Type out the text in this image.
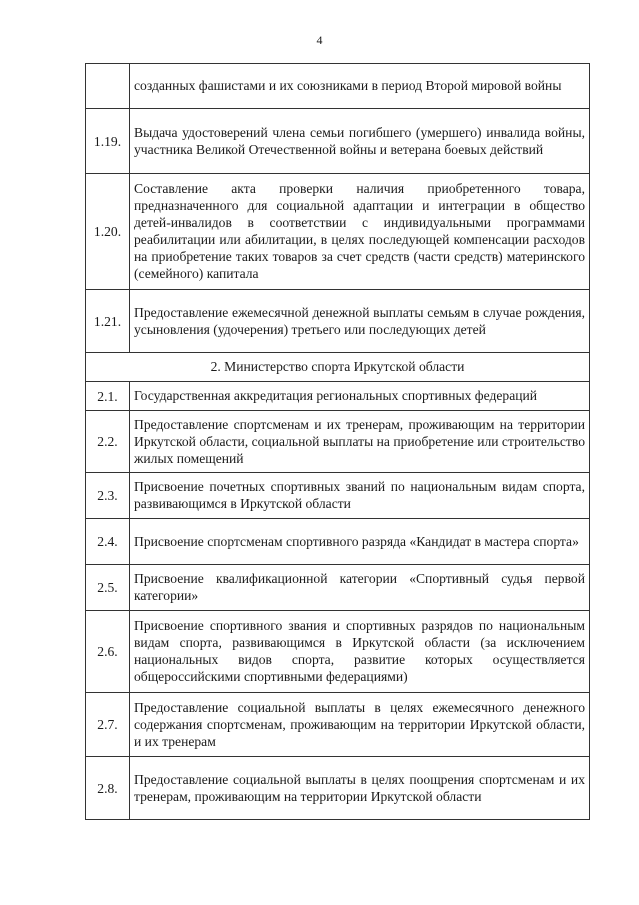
4
	созданных фашистами и их союзниками в период Второй мировой войны
1.19.	Выдача удостоверений члена семьи погибшего (умершего) инвалида войны, участника Великой Отечественной войны и ветерана боевых действий
1.20.	Составление акта проверки наличия приобретенного товара, предназначенного для социальной адаптации и интеграции в общество детей-инвалидов в соответствии с индивидуальными программами реабилитации или абилитации, в целях последующей компенсации расходов на приобретение таких товаров за счет средств (части средств) материнского (семейного) капитала
1.21.	Предоставление ежемесячной денежной выплаты семьям в случае рождения, усыновления (удочерения) третьего или последующих детей
2. Министерство спорта Иркутской области	
2.1.	Государственная аккредитация региональных спортивных федераций
2.2.	Предоставление спортсменам и их тренерам, проживающим на территории Иркутской области, социальной выплаты на приобретение или строительство жилых помещений
2.3.	Присвоение почетных спортивных званий по национальным видам спорта, развивающимся в Иркутской области
2.4.	Присвоение спортсменам спортивного разряда «Кандидат в мастера спорта»
2.5.	Присвоение квалификационной категории «Спортивный судья первой категории»
2.6.	Присвоение спортивного звания и спортивных разрядов по национальным видам спорта, развивающимся в Иркутской области (за исключением национальных видов спорта, развитие которых осуществляется общероссийскими спортивными федерациями)
2.7.	Предоставление социальной выплаты в целях ежемесячного денежного содержания спортсменам, проживающим на территории Иркутской области, и их тренерам
2.8.	Предоставление социальной выплаты в целях поощрения спортсменам и их тренерам, проживающим на территории Иркутской области
